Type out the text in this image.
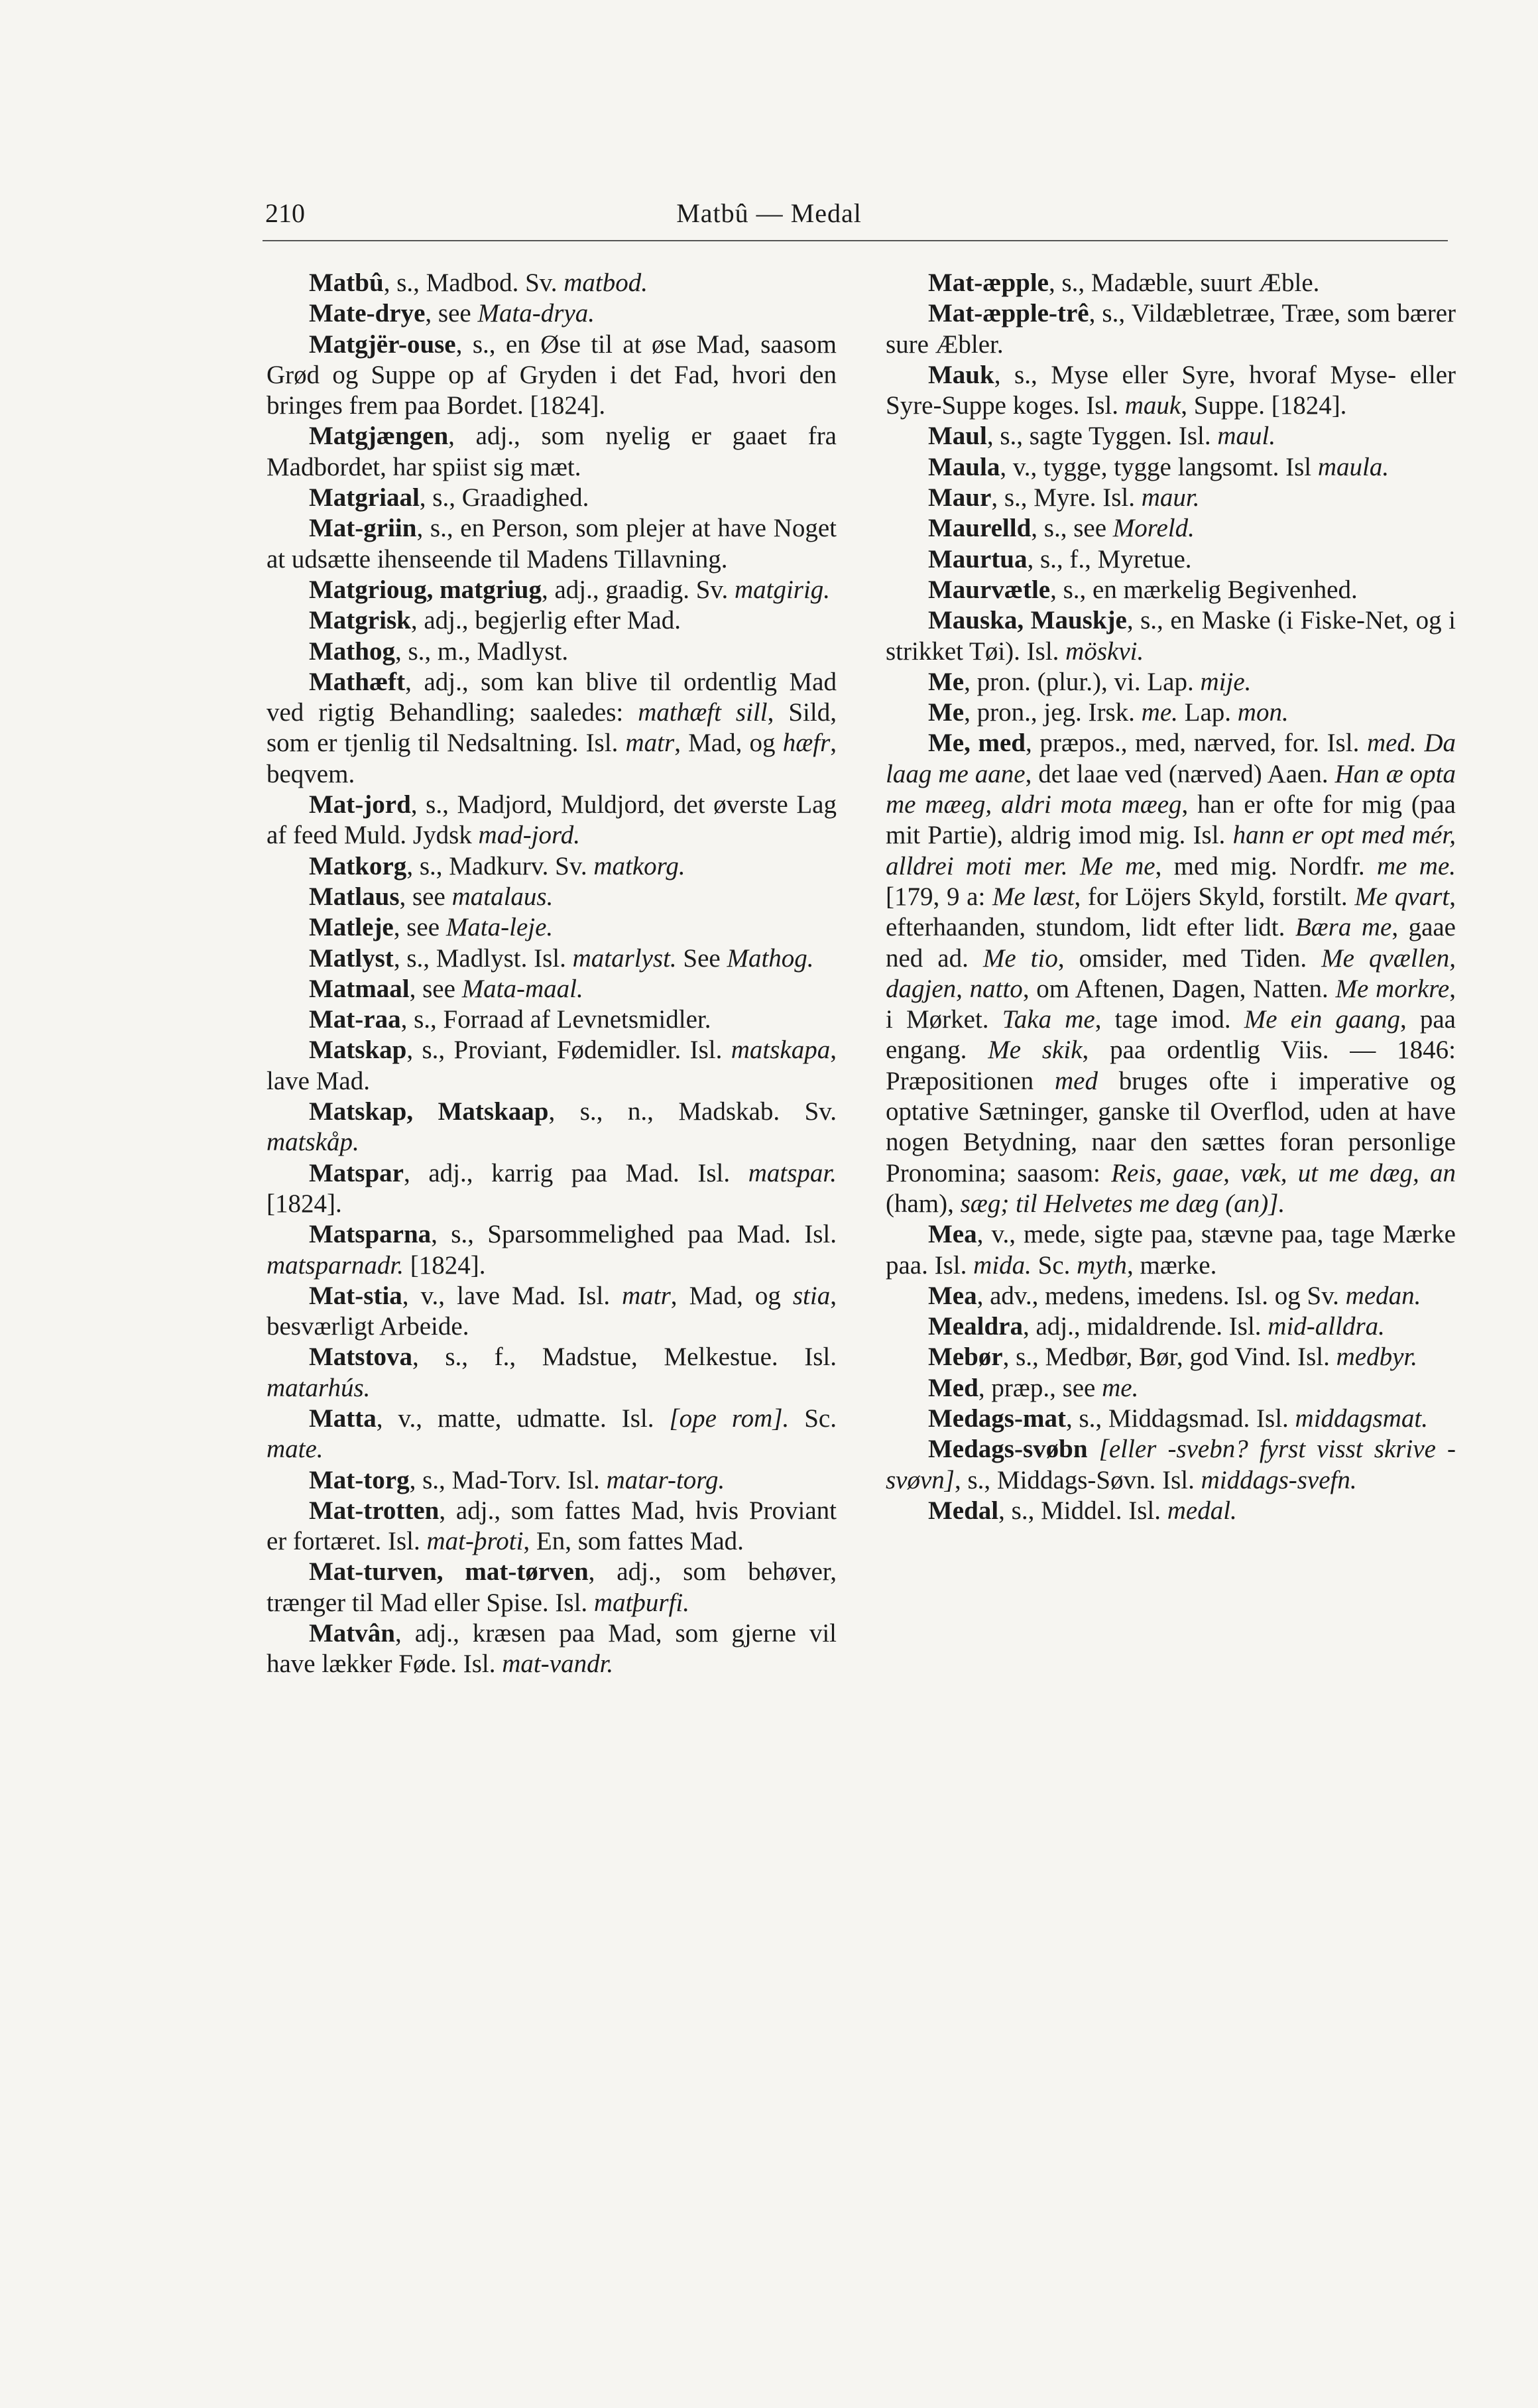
210	Matbû — Medal

Matbû, s., Madbod. Sv. matbod.

Mate-drye, see Mata-drya.

Matgjër-ouse, s., en Øse til at øse Mad, saasom Grød og Suppe op af Gryden i det Fad, hvori den bringes frem paa Bordet. [1824].

Matgjængen, adj., som nyelig er gaaet fra Madbordet, har spiist sig mæt.

Matgriaal, s., Graadighed.

Mat-griin, s., en Person, som plejer at have Noget at udsætte ihenseende til Madens Tillavning.

Matgrioug, matgriug, adj., graadig. Sv. matgirig.

Matgrisk, adj., begjerlig efter Mad.

Mathog, s., m., Madlyst.

Mathæft, adj., som kan blive til ordentlig Mad ved rigtig Behandling; saaledes: mathæft sill, Sild, som er tjenlig til Nedsaltning. Isl. matr, Mad, og hæfr, beqvem.

Mat-jord, s., Madjord, Muldjord, det øverste Lag af feed Muld. Jydsk mad-jord.

Matkorg, s., Madkurv. Sv. matkorg.

Matlaus, see matalaus.

Matleje, see Mata-leje.

Matlyst, s., Madlyst. Isl. matarlyst. See Mathog.

Matmaal, see Mata-maal.

Mat-raa, s., Forraad af Levnetsmidler.

Matskap, s., Proviant, Fødemidler. Isl. matskapa, lave Mad.

Matskap, Matskaap, s., n., Madskab. Sv. matskåp.

Matspar, adj., karrig paa Mad. Isl. matspar. [1824].

Matsparna, s., Sparsommelighed paa Mad. Isl. matsparnadr. [1824].

Mat-stia, v., lave Mad. Isl. matr, Mad, og stia, besværligt Arbeide.

Matstova, s., f., Madstue, Melkestue. Isl. matarhús.

Matta, v., matte, udmatte. Isl. [ope rom]. Sc. mate.

Mat-torg, s., Mad-Torv. Isl. matar-torg.

Mat-trotten, adj., som fattes Mad, hvis Proviant er fortæret. Isl. mat-þroti, En, som fattes Mad.

Mat-turven, mat-tørven, adj., som behøver, trænger til Mad eller Spise. Isl. matþurfi.

Matvân, adj., kræsen paa Mad, som gjerne vil have lækker Føde. Isl. mat-vandr.

Mat-æpple, s., Madæble, suurt Æble.

Mat-æpple-trê, s., Vildæbletræe, Træe, som bærer sure Æbler.

Mauk, s., Myse eller Syre, hvoraf Myse- eller Syre-Suppe koges. Isl. mauk, Suppe. [1824].

Maul, s., sagte Tyggen. Isl. maul.

Maula, v., tygge, tygge langsomt. Isl maula.

Maur, s., Myre. Isl. maur.

Maurelld, s., see Moreld.

Maurtua, s., f., Myretue.

Maurvætle, s., en mærkelig Begivenhed.

Mauska, Mauskje, s., en Maske (i Fiske-Net, og i strikket Tøi). Isl. möskvi.

Me, pron. (plur.), vi. Lap. mije.

Me, pron., jeg. Irsk. me. Lap. mon.

Me, med, præpos., med, nærved, for. Isl. med. Da laag me aane, det laae ved (nærved) Aaen. Han æ opta me mæeg, aldri mota mæeg, han er ofte for mig (paa mit Partie), aldrig imod mig. Isl. hann er opt med mér, alldrei moti mer. Me me, med mig. Nordfr. me me. [179, 9 a: Me læst, for Löjers Skyld, forstilt. Me qvart, efterhaanden, stundom, lidt efter lidt. Bæra me, gaae ned ad. Me tio, omsider, med Tiden. Me qvællen, dagjen, natto, om Aftenen, Dagen, Natten. Me morkre, i Mørket. Taka me, tage imod. Me ein gaang, paa engang. Me skik, paa ordentlig Viis. — 1846: Præpositionen med bruges ofte i imperative og optative Sætninger, ganske til Overflod, uden at have nogen Betydning, naar den sættes foran personlige Pronomina; saasom: Reis, gaae, væk, ut me dæg, an (ham), sæg; til Helvetes me dæg (an)].

Mea, v., mede, sigte paa, stævne paa, tage Mærke paa. Isl. mida. Sc. myth, mærke.

Mea, adv., medens, imedens. Isl. og Sv. medan.

Mealdra, adj., midaldrende. Isl. mid-alldra.

Mebør, s., Medbør, Bør, god Vind. Isl. medbyr.

Med, præp., see me.

Medags-mat, s., Middagsmad. Isl. middagsmat.

Medags-svøbn [eller -svebn? fyrst visst skrive -svøvn], s., Middags-Søvn. Isl. middags-svefn.

Medal, s., Middel. Isl. medal.
